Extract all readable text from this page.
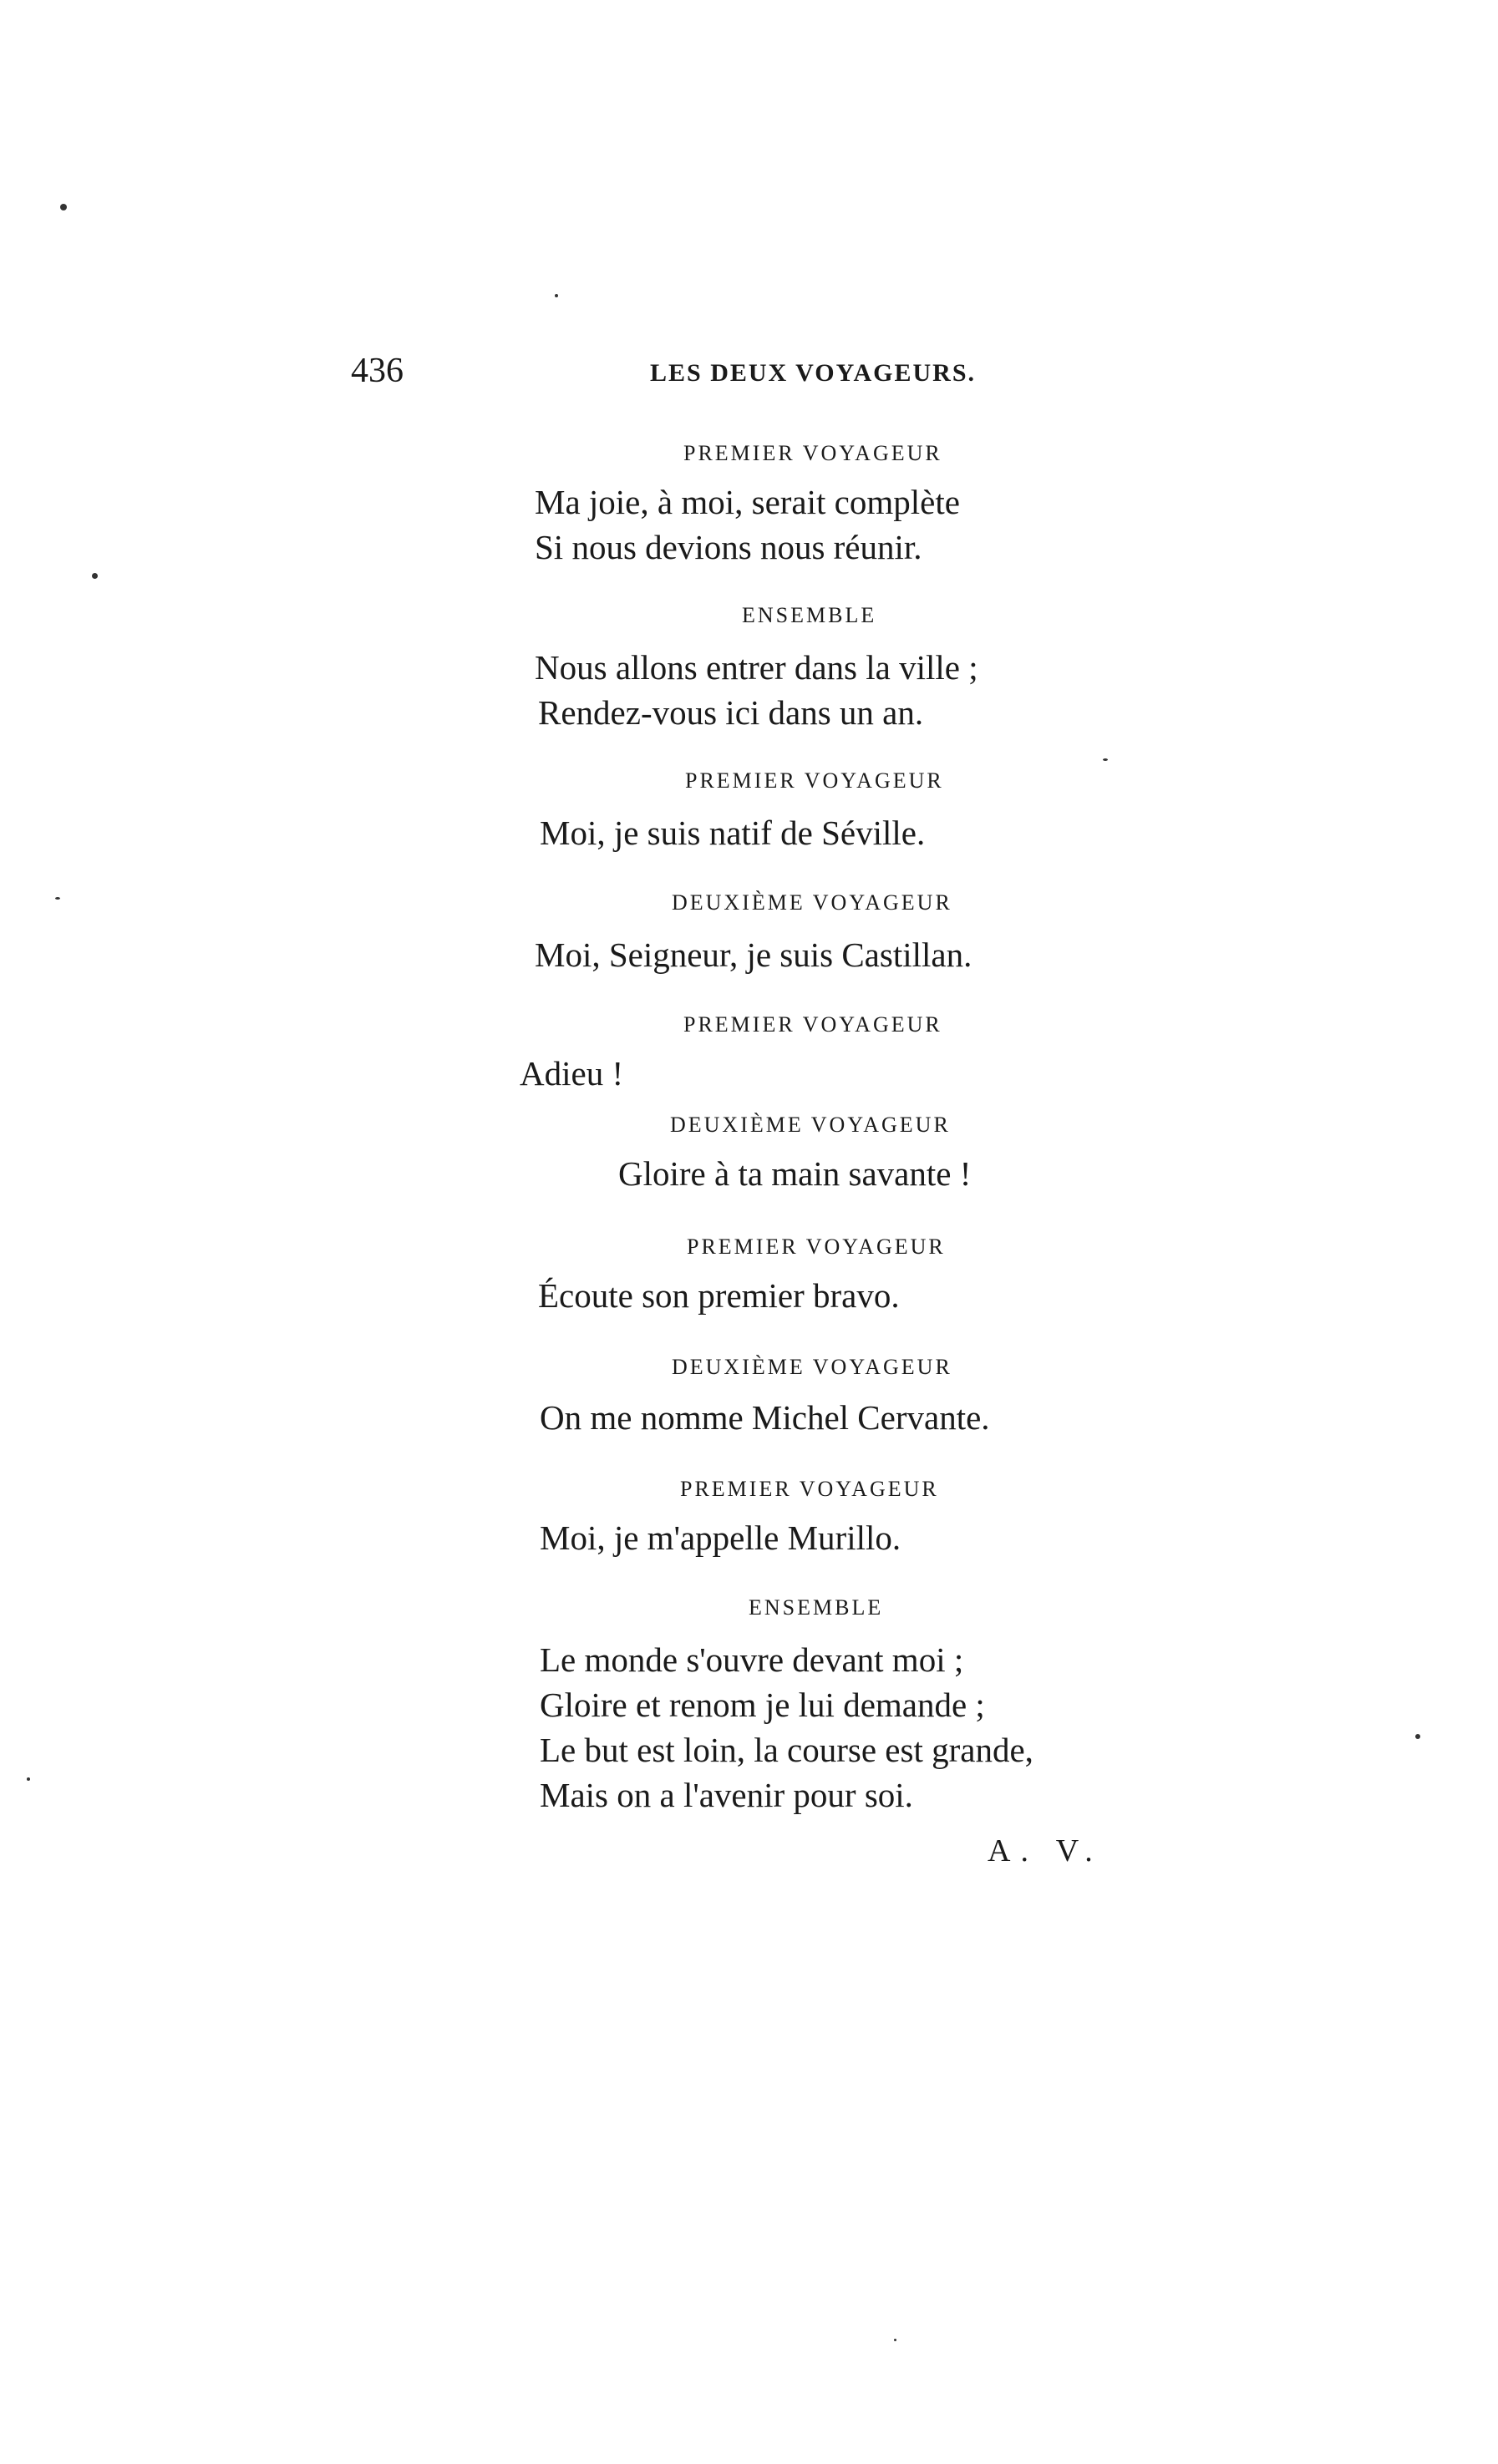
436	LES DEUX VOYAGEURS.
PREMIER VOYAGEUR
Ma joie, à moi, serait complète
Si nous devions nous réunir.
ENSEMBLE
Nous allons entrer dans la ville ;
Rendez-vous ici dans un an.
PREMIER VOYAGEUR
Moi, je suis natif de Séville.
DEUXIÈME VOYAGEUR
Moi, Seigneur, je suis Castillan.
PREMIER VOYAGEUR
Adieu !
DEUXIÈME VOYAGEUR
Gloire à ta main savante !
PREMIER VOYAGEUR
Écoute son premier bravo.
DEUXIÈME VOYAGEUR
On me nomme Michel Cervante.
PREMIER VOYAGEUR
Moi, je m'appelle Murillo.
ENSEMBLE
Le monde s'ouvre devant moi ;
Gloire et renom je lui demande ;
Le but est loin, la course est grande,
Mais on a l'avenir pour soi.
A. V.
